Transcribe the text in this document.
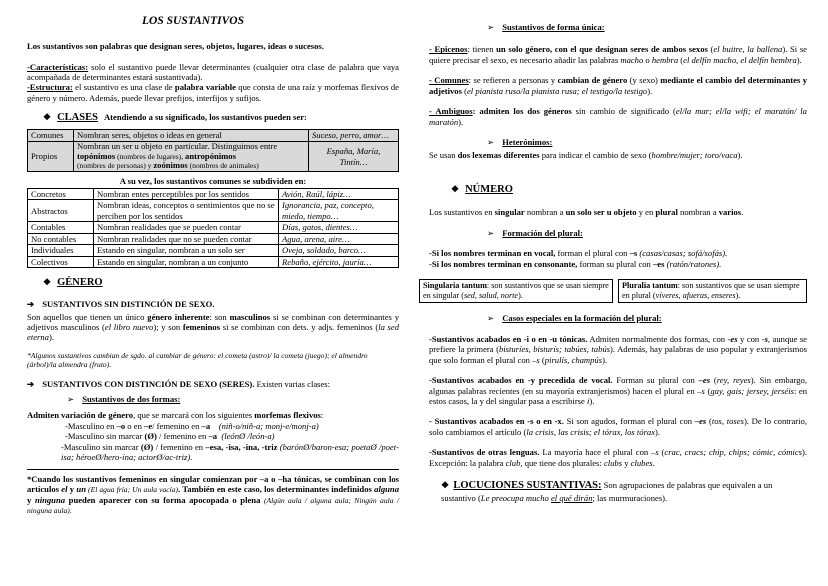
LOS SUSTANTIVOS

Los sustantivos son palabras que designan seres, objetos, lugares, ideas o sucesos.

-Características: solo el sustantivo puede llevar determinantes (cualquier otra clase de palabra que vaya acompañada de determinantes estará sustantivada).

-Estructura: el sustantivo es una clase de palabra variable que consta de una raíz y morfemas flexivos de género y número. Además, puede llevar prefijos, interfijos y sufijos.

❖ CLASES Atendiendo a su significado, los sustantivos pueden ser:
Comunes	Nombran seres, objetos o ideas en general	Suceso, perro, amor…
Propios	Nombran un ser u objeto en particular. Distinguimos entre topónimos (nombres de lugares), antropónimos
(nombres de personas) y zoónimos (nombres de animales)	España, María, Tintín…

A su vez, los sustantivos comunes se subdividen en:

Concretos	Nombran entes perceptibles por los sentidos	Avión, Raúl, lápiz…
Abstractos	Nombran ideas, conceptos o sentimientos que no se perciben por los sentidos	Ignorancia, paz, concepto, miedo, tiempo…
Contables	Nombran realidades que se pueden contar	Días, gatos, dientes…
No contables	Nombran realidades que no se pueden contar	Agua, arena, aire…
Individuales	Estando en singular, nombran a un solo ser	Oveja, soldado, barco…
Colectivos	Estando en singular, nombran a un conjunto	Rebaño, ejército, jauría…
❖ GÉNERO
➔ SUSTANTIVOS SIN DISTINCIÓN DE SEXO.

Son aquellos que tienen un único género inherente: son masculinos si se combinan con determinantes y adjetivos masculinos (el libro nuevo); y son femeninos si se combinan con dets. y adjs. femeninos (la sed eterna).

*Algunos sustantivos cambian de sgdo. al cambiar de género: el cometa (astro)/ la cometa (juego); el almendro (árbol)/la almendra (fruto).

➔ SUSTANTIVOS CON DISTINCIÓN DE SEXO (SERES). Existen varias clases:
➢ Sustantivos de dos formas:

Admiten variación de género, que se marcará con los siguientes morfemas flexivos:

-Masculino en –o o en –e/ femenino en –a (niñ-o/niñ-a; monj-e/monj-a)

-Masculino sin marcar (Ø) / femenino en –a (leónØ /león-a)

-Masculino sin marcar (Ø) / femenino en –esa, -isa, -ina, -triz (barónØ/baron-esa; poetaØ /poet-isa; héroeØ/hero-ína; actorØ/ac-triz).

*Cuando los sustantivos femeninos en singular comienzan por –a o –ha tónicas, se combinan con los artículos el y un (El agua fría; Un aula vacía). También en este caso, los determinantes indefinidos alguna y ninguna pueden aparecer con su forma apocopada o plena (Algún aula / alguna aula; Ningún aula / ninguna aula).

➢ Sustantivos de forma única:

- Epicenos: tienen un solo género, con el que designan seres de ambos sexos (el buitre, la ballena). Si se quiere precisar el sexo, es necesario añadir las palabras macho o hembra (el delfín macho, el delfín hembra).

- Comunes: se refieren a personas y cambian de género (y sexo) mediante el cambio del determinantes y adjetivos (el pianista ruso/la pianista rusa; el testigo/la testigo).

- Ambiguos: admiten los dos géneros sin cambio de significado (el/la mar; el/la wifi; el maratón/ la maratón).

➢ Heterónimos:

Se usan dos lexemas diferentes para indicar el cambio de sexo (hombre/mujer; toro/vaca).

❖ NÚMERO

Los sustantivos en singular nombran a un solo ser u objeto y en plural nombran a varios.

➢ Formación del plural:

-Si los nombres terminan en vocal, forman el plural con –s (casas/casas; sofá/sofás).

-Si los nombres terminan en consonante, forman su plural con –es (ratón/ratones).

Singularia tantum: son sustantivos que se usan siempre en singular (sed, salud, norte).
Pluralia tantum: son sustantivos que se usan siempre en plural (víveres, afueras, enseres).
➢ Casos especiales en la formación del plural:

-Sustantivos acabados en -i o en -u tónicas. Admiten normalmente dos formas, con -es y con -s, aunque se prefiere la primera (bisturíes, bisturís; tabúes, tabús). Además, hay palabras de uso popular y extranjerismos que solo forman el plural con –s (pirulís, champús).

-Sustantivos acabados en -y precedida de vocal. Forman su plural con –es (rey, reyes). Sin embargo, algunas palabras recientes (en su mayoría extranjerismos) hacen el plural en –s (gay, gais; jersey, jerséis: en estos casos, la y del singular pasa a escribirse i).

- Sustantivos acabados en -s o en -x. Si son agudos, forman el plural con –es (tos, toses). De lo contrario, solo cambiamos el artículo (la crisis, las crisis; el tórax, los tórax).

-Sustantivos de otras lenguas. La mayoría hace el plural con –s (crac, cracs; chip, chips; cómic, cómics). Excepción: la palabra club, que tiene dos plurales: clubs y clubes.

❖ LOCUCIONES SUSTANTIVAS: Son agrupaciones de palabras que equivalen a un sustantivo (Le preocupa mucho el qué dirán; las murmuraciones).
